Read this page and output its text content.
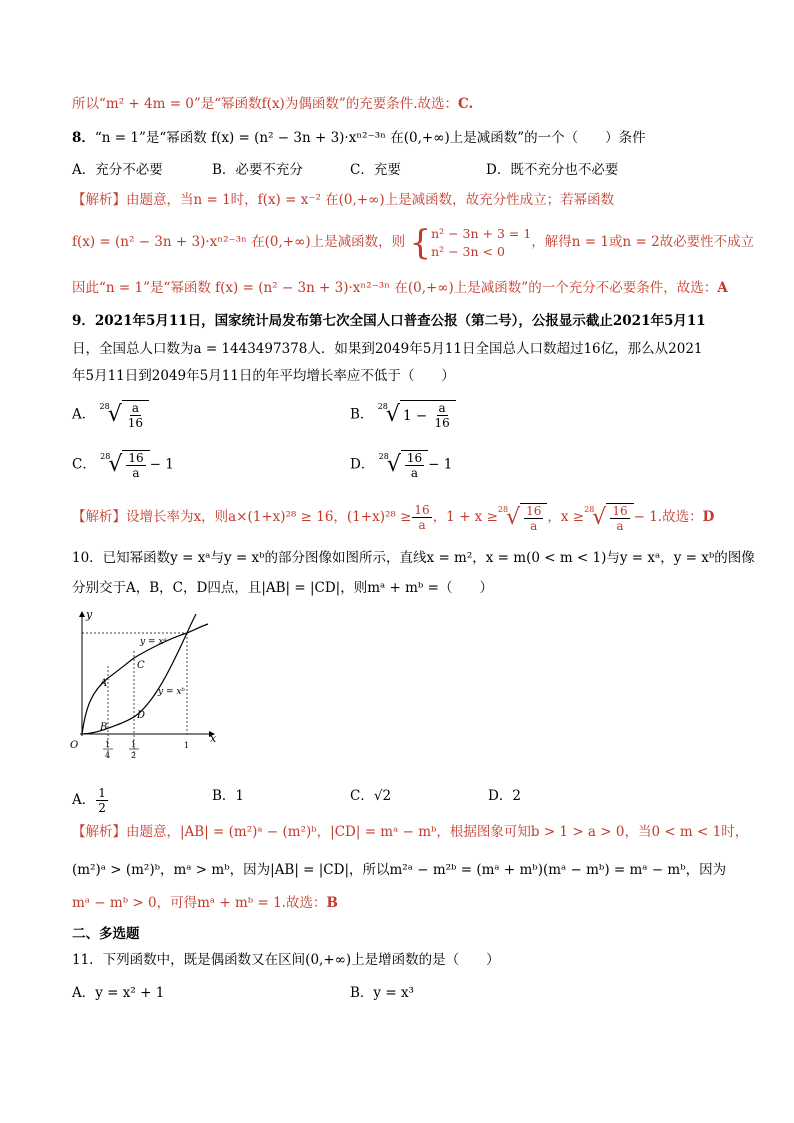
所以“m² + 4m = 0”是“幂函数f(x)为偶函数”的充要条件.故选：C.
8．“n = 1”是“幂函数 f(x) = (n² − 3n + 3)·xⁿ²⁻³ⁿ 在(0,+∞)上是减函数”的一个（　　）条件
A．充分不必要	B．必要不充分	C．充要	D．既不充分也不必要
【解析】由题意，当n = 1时，f(x) = x⁻² 在(0,+∞)上是减函数，故充分性成立；若幂函数
f(x) = (n² − 3n + 3)·xⁿ²⁻³ⁿ 在(0,+∞)上是减函数，则 { n² − 3n + 3 = 1
n² − 3n < 0
，解得n = 1或n = 2故必要性不成立
因此“n = 1”是“幂函数 f(x) = (n² − 3n + 3)·xⁿ²⁻³ⁿ 在(0,+∞)上是减函数”的一个充分不必要条件，故选：A
9．2021年5月11日，国家统计局发布第七次全国人口普查公报（第二号），公报显示截止2021年5月11
日，全国总人口数为a = 1443497378人．如果到2049年5月11日全国总人口数超过16亿，那么从2021
年5月11日到2049年5月11日的年平均增长率应不低于（　　）
A． 28
√ $\frac{a}{16}$	B． 28
√ 1 −
$\frac{a}{16}$
C． 28
√ $\frac{16}{a} - 1$	D． 28
√ $\frac{16}{a} - 1$
【解析】设增长率为x，则a×(1+x)²⁸ ≥ 16，$(1+x)^{28} \ge \frac{16}{a}$ ，1 + x ≥ 28
√ $\frac{16}{a}$ ，x ≥ 28
√ $\frac{16}{a} - 1$.故选：D
10．已知幂函数y = xᵃ与y = xᵇ的部分图像如图所示，直线x = m²，x = m(0 < m < 1)与y = xᵃ，y = xᵇ的图像
分别交于A，B，C，D四点，且|AB| = |CD|，则mᵃ + mᵇ =（　　）
y
x
O
y = xᵃ
y = xᵇ
A
B
C
D
1
4
1
2
1
A． $\frac{1}{2}$	B．1	C．√2	D．2
【解析】由题意，|AB| = (m²)ᵃ − (m²)ᵇ，|CD| = mᵃ − mᵇ，根据图象可知b > 1 > a > 0，当0 < m < 1时，
(m²)ᵃ > (m²)ᵇ，mᵃ > mᵇ，因为|AB| = |CD|，所以m²ᵃ − m²ᵇ = (mᵃ + mᵇ)(mᵃ − mᵇ) = mᵃ − mᵇ，因为
mᵃ − mᵇ > 0，可得mᵃ + mᵇ = 1.故选：B
二、多选题
11．下列函数中，既是偶函数又在区间(0,+∞)上是增函数的是（　　）
A．y = x² + 1	B．y = x³
